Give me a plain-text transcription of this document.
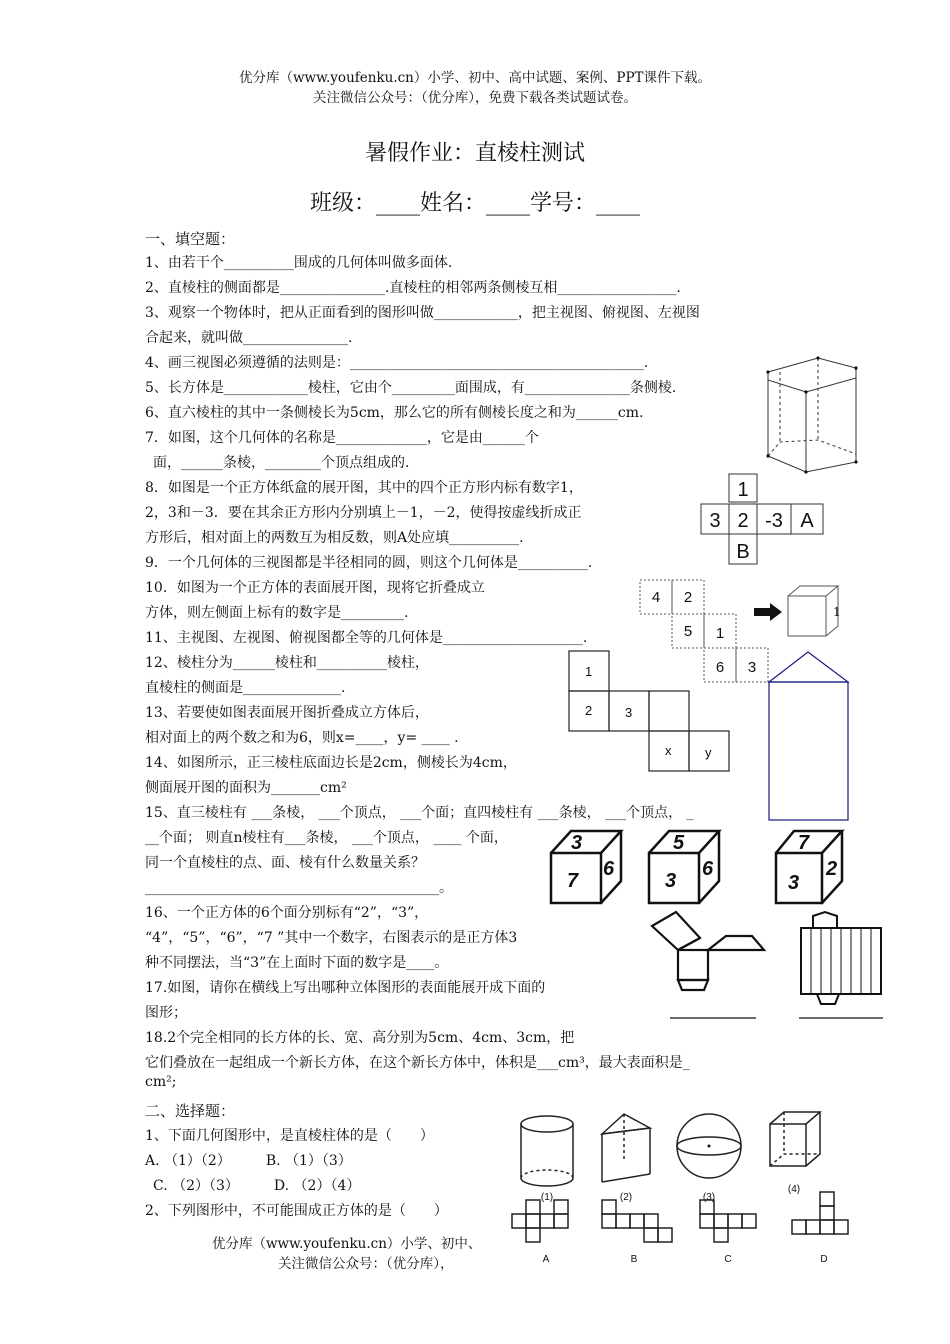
优分库（www.youfenku.cn）小学、初中、高中试题、案例、PPT课件下载。
关注微信公众号：（优分库），免费下载各类试题试卷。
暑假作业：直棱柱测试
班级：____姓名：____学号：____
一、填空题：
1、由若干个__________围成的几何体叫做多面体.
2、直棱柱的侧面都是_______________.直棱柱的相邻两条侧棱互相_________________.
3、观察一个物体时，把从正面看到的图形叫做____________，把主视图、俯视图、左视图
合起来，就叫做_______________.
4、画三视图必须遵循的法则是：__________________________________________.
5、长方体是____________棱柱，它由个_________面围成，有_______________条侧棱.
6、直六棱柱的其中一条侧棱长为5cm，那么它的所有侧棱长度之和为______cm.
7．如图，这个几何体的名称是_____________，它是由______个
面，______条棱，________个顶点组成的.
8．如图是一个正方体纸盒的展开图，其中的四个正方形内标有数字1，
2，3和－3．要在其余正方形内分别填上－1，－2，使得按虚线折成正
方形后，相对面上的两数互为相反数，则A处应填__________.
9．一个几何体的三视图都是半径相同的圆，则这个几何体是__________.
10．如图为一个正方体的表面展开图，现将它折叠成立
方体，则左侧面上标有的数字是_________.
11、主视图、左视图、俯视图都全等的几何体是____________________.
12、棱柱分为______棱柱和__________棱柱，
直棱柱的侧面是______________.
13、若要使如图表面展开图折叠成立方体后，
相对面上的两个数之和为6，则x=____，y= ____ .
14、如图所示，正三棱柱底面边长是2cm，侧棱长为4cm，
侧面展开图的面积为_______cm²
15、直三棱柱有 ___条棱， ___个顶点， ___个面；直四棱柱有 ___条棱， ___个顶点， _
__个面； 则直n棱柱有___条棱， ___个顶点， ____ 个面，
同一个直棱柱的点、面、棱有什么数量关系？
__________________________________________。
16、一个正方体的6个面分别标有“2”，“3”，
“4”，“5”，“6”，“7 ”其中一个数字，右图表示的是正方体3
种不同摆法，当“3”在上面时下面的数字是____。
17.如图，请你在横线上写出哪种立体图形的表面能展开成下面的
图形；
18.2个完全相同的长方体的长、宽、高分别为5cm、4cm、3cm，把
它们叠放在一起组成一个新长方体，在这个新长方体中，体积是___cm³，最大表面积是_
cm²;
二、选择题：
1、下面几何图形中，是直棱柱体的是（　　）
A. （1）（2）　　　B. （1）（3）
C. （2）（3）　　　D. （2）（4）
2、下列图形中，不可能围成正方体的是（　　）
优分库（www.youfenku.cn）小学、初中、
关注微信公众号：（优分库），
1
3 2 -3 A
B
4 2
5 1
6 3
1
1
2	3
x	y
3
7
6
5
3
6
7
3
2
(1)	(2)	(3)
(4)
A	B	C	D
